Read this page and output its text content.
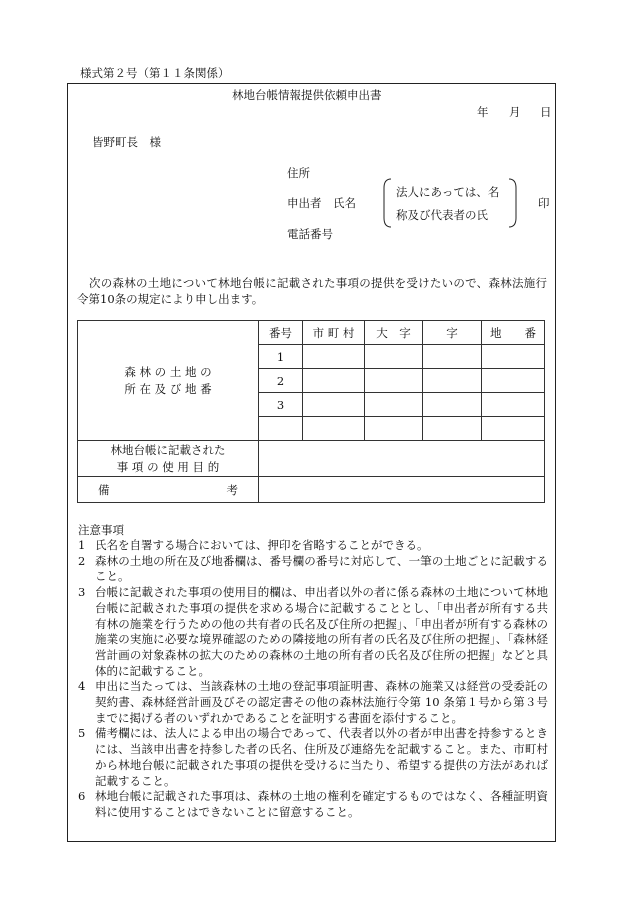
様式第２号（第１１条関係）
林地台帳情報提供依頼申出書
年 月 日
皆野町長　様
住所
申出者　氏名
電話番号
法人にあっては、名
称及び代表者の氏
印
次の森林の土地について林地台帳に記載された事項の提供を受けたいので、森林法施行令第10条の規定により申し出ます。
森 林 の 土 地 の
所 在 及 び 地 番	番号	市 町 村	大　字	字	地　　番
	1				
	2				
	3				

林地台帳に記載された
事 項 の 使 用 目 的					

備 考					

注意事項
1 氏名を自署する場合においては、押印を省略することができる。
2 森林の土地の所在及び地番欄は、番号欄の番号に対応して、一筆の土地ごとに記載すること。
3 台帳に記載された事項の使用目的欄は、申出者以外の者に係る森林の土地について林地台帳に記載された事項の提供を求める場合に記載することとし、「申出者が所有する共有林の施業を行うための他の共有者の氏名及び住所の把握」、「申出者が所有する森林の施業の実施に必要な境界確認のための隣接地の所有者の氏名及び住所の把握」、「森林経営計画の対象森林の拡大のための森林の土地の所有者の氏名及び住所の把握」などと具体的に記載すること。
4 申出に当たっては、当該森林の土地の登記事項証明書、森林の施業又は経営の受委託の契約書、森林経営計画及びその認定書その他の森林法施行令第 10 条第１号から第３号までに掲げる者のいずれかであることを証明する書面を添付すること。
5 備考欄には、法人による申出の場合であって、代表者以外の者が申出書を持参するときには、当該申出書を持参した者の氏名、住所及び連絡先を記載すること。また、市町村から林地台帳に記載された事項の提供を受けるに当たり、希望する提供の方法があれば記載すること。
6 林地台帳に記載された事項は、森林の土地の権利を確定するものではなく、各種証明資料に使用することはできないことに留意すること。
